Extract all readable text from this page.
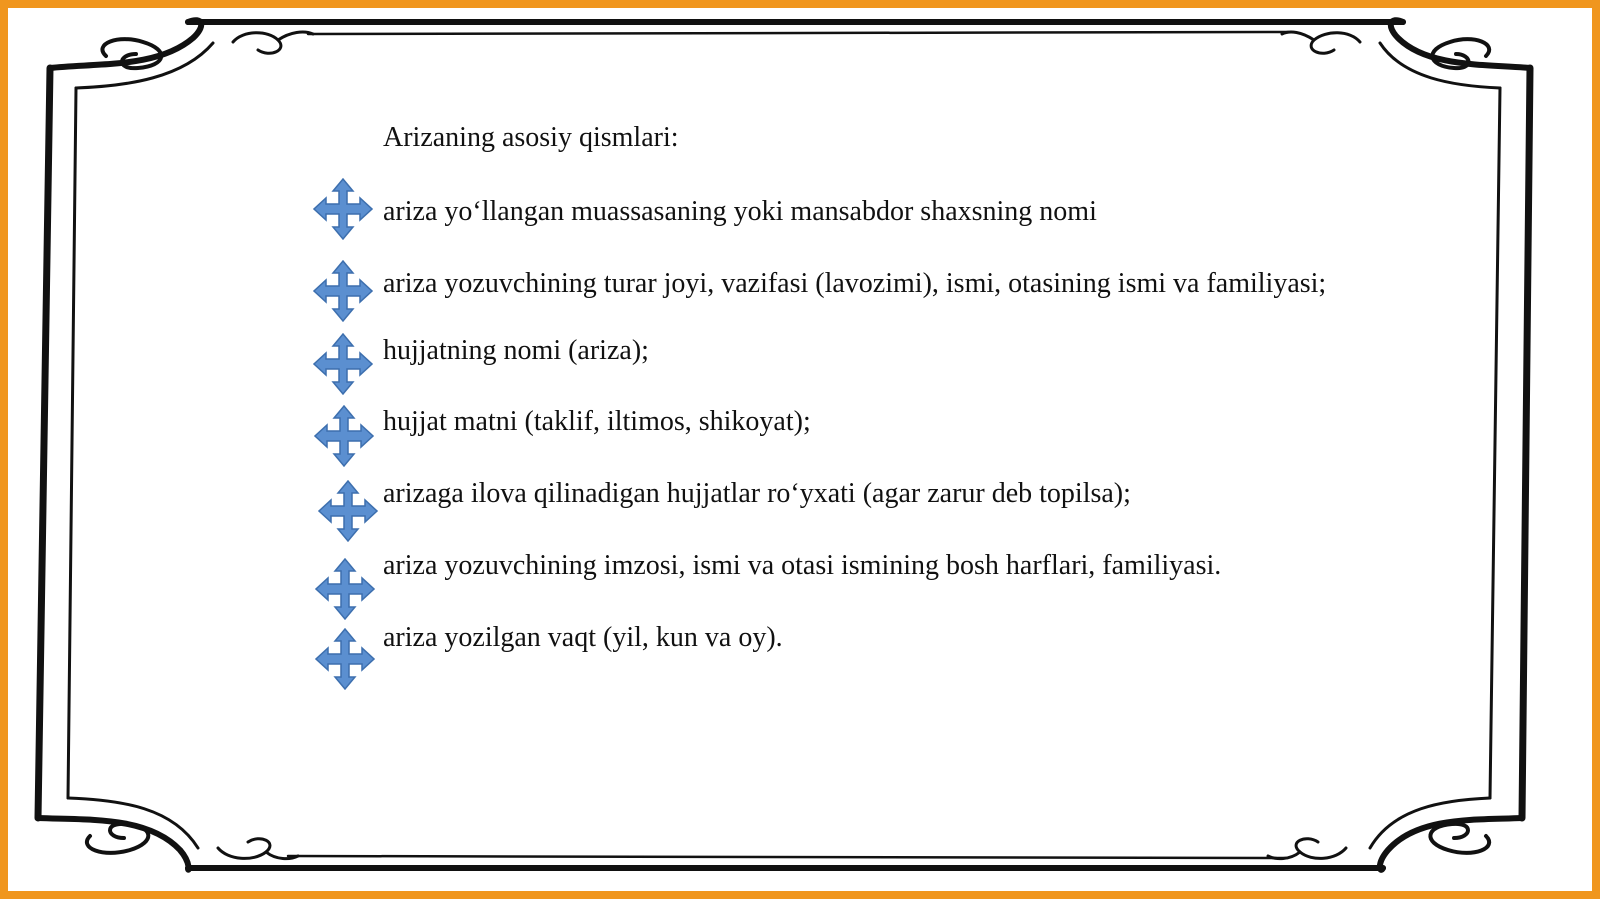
Arizaning asosiy qismlari:
ariza yo‘llangan muassasaning yoki mansabdor shaxsning nomi
ariza yozuvchining turar joyi, vazifasi (lavozimi), ismi, otasining ismi va familiyasi;
hujjatning nomi (ariza);
hujjat matni (taklif, iltimos, shikoyat);
arizaga ilova qilinadigan hujjatlar ro‘yxati (agar zarur deb topilsa);
ariza yozuvchining imzosi, ismi va otasi ismining bosh harflari, familiyasi.
ariza yozilgan vaqt (yil, kun va oy).
